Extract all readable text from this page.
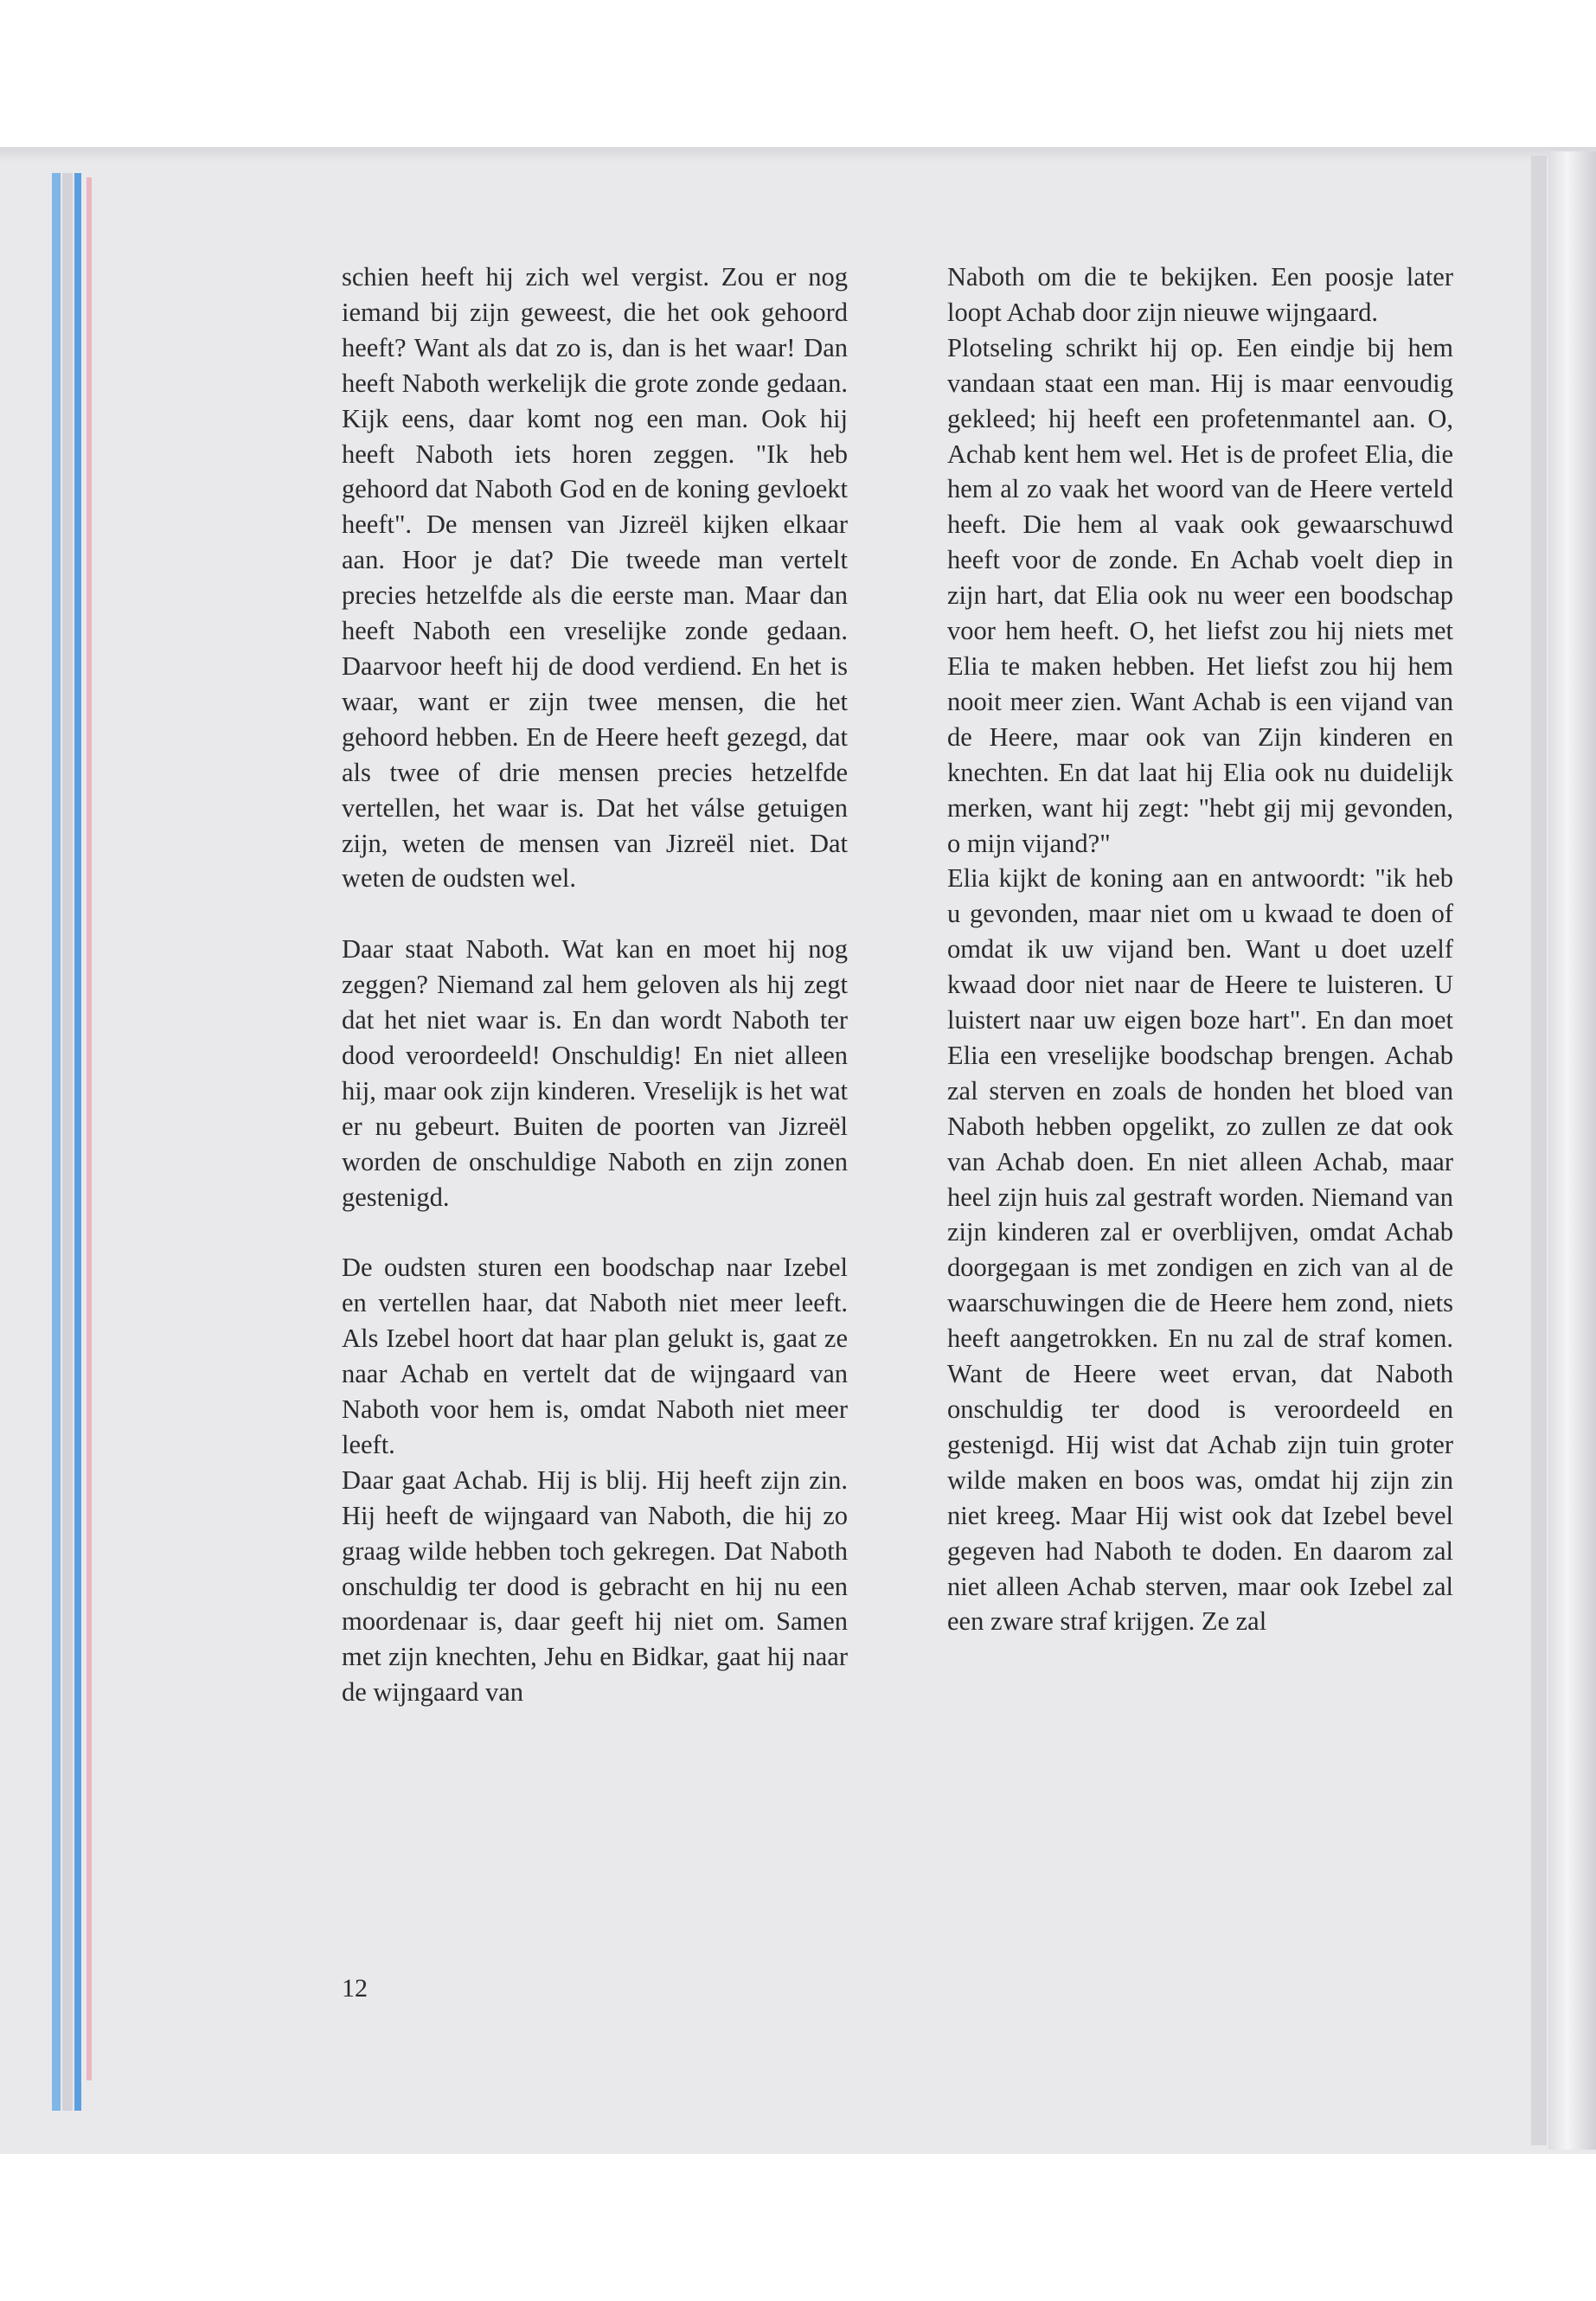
schien heeft hij zich wel vergist. Zou er nog iemand bij zijn geweest, die het ook gehoord heeft? Want als dat zo is, dan is het waar! Dan heeft Naboth werkelijk die grote zonde gedaan. Kijk eens, daar komt nog een man. Ook hij heeft Naboth iets horen zeggen. "Ik heb gehoord dat Naboth God en de koning gevloekt heeft". De mensen van Jizreël kijken elkaar aan. Hoor je dat? Die tweede man vertelt precies hetzelfde als die eerste man. Maar dan heeft Naboth een vreselijke zonde gedaan. Daarvoor heeft hij de dood verdiend. En het is waar, want er zijn twee mensen, die het gehoord hebben. En de Heere heeft gezegd, dat als twee of drie mensen precies hetzelfde vertellen, het waar is. Dat het válse getuigen zijn, weten de mensen van Jizreël niet. Dat weten de oudsten wel.

Daar staat Naboth. Wat kan en moet hij nog zeggen? Niemand zal hem geloven als hij zegt dat het niet waar is. En dan wordt Naboth ter dood veroordeeld! Onschuldig! En niet alleen hij, maar ook zijn kinderen. Vreselijk is het wat er nu gebeurt. Buiten de poorten van Jizreël worden de onschuldige Naboth en zijn zonen gestenigd.

De oudsten sturen een boodschap naar Izebel en vertellen haar, dat Naboth niet meer leeft. Als Izebel hoort dat haar plan gelukt is, gaat ze naar Achab en vertelt dat de wijngaard van Naboth voor hem is, omdat Naboth niet meer leeft.

Daar gaat Achab. Hij is blij. Hij heeft zijn zin. Hij heeft de wijngaard van Naboth, die hij zo graag wilde hebben toch gekregen. Dat Naboth onschuldig ter dood is gebracht en hij nu een moordenaar is, daar geeft hij niet om. Samen met zijn knechten, Jehu en Bidkar, gaat hij naar de wijngaard van

Naboth om die te bekijken. Een poosje later loopt Achab door zijn nieuwe wijngaard.

Plotseling schrikt hij op. Een eindje bij hem vandaan staat een man. Hij is maar eenvoudig gekleed; hij heeft een profetenmantel aan. O, Achab kent hem wel. Het is de profeet Elia, die hem al zo vaak het woord van de Heere verteld heeft. Die hem al vaak ook gewaarschuwd heeft voor de zonde. En Achab voelt diep in zijn hart, dat Elia ook nu weer een boodschap voor hem heeft. O, het liefst zou hij niets met Elia te maken hebben. Het liefst zou hij hem nooit meer zien. Want Achab is een vijand van de Heere, maar ook van Zijn kinderen en knechten. En dat laat hij Elia ook nu duidelijk merken, want hij zegt: "hebt gij mij gevonden, o mijn vijand?"

Elia kijkt de koning aan en antwoordt: "ik heb u gevonden, maar niet om u kwaad te doen of omdat ik uw vijand ben. Want u doet uzelf kwaad door niet naar de Heere te luisteren. U luistert naar uw eigen boze hart". En dan moet Elia een vreselijke boodschap brengen. Achab zal sterven en zoals de honden het bloed van Naboth hebben opgelikt, zo zullen ze dat ook van Achab doen. En niet alleen Achab, maar heel zijn huis zal gestraft worden. Niemand van zijn kinderen zal er overblijven, omdat Achab doorgegaan is met zondigen en zich van al de waarschuwingen die de Heere hem zond, niets heeft aangetrokken. En nu zal de straf komen. Want de Heere weet ervan, dat Naboth onschuldig ter dood is veroordeeld en gestenigd. Hij wist dat Achab zijn tuin groter wilde maken en boos was, omdat hij zijn zin niet kreeg. Maar Hij wist ook dat Izebel bevel gegeven had Naboth te doden. En daarom zal niet alleen Achab sterven, maar ook Izebel zal een zware straf krijgen. Ze zal

12
